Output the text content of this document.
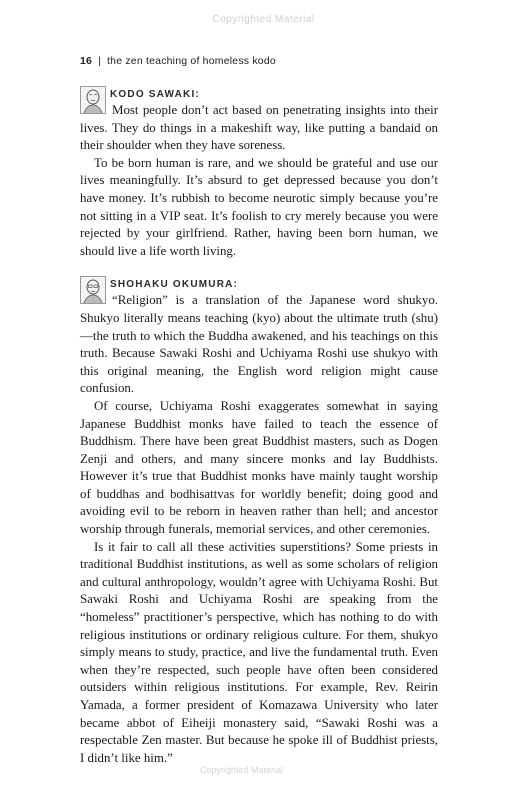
Copyrighted Material
16 | the zen teaching of homeless kodo
KODO SAWAKI:

Most people don’t act based on penetrating insights into their lives. They do things in a makeshift way, like putting a bandaid on their shoulder when they have soreness.

To be born human is rare, and we should be grateful and use our lives meaningfully. It’s absurd to get depressed because you don’t have money. It’s rubbish to become neurotic simply because you’re not sitting in a VIP seat. It’s foolish to cry merely because you were rejected by your girlfriend. Rather, having been born human, we should live a life worth living.

SHOHAKU OKUMURA:

“Religion” is a translation of the Japanese word shukyo. Shukyo literally means teaching (kyo) about the ultimate truth (shu)—the truth to which the Buddha awakened, and his teachings on this truth. Because Sawaki Roshi and Uchiyama Roshi use shukyo with this original meaning, the English word religion might cause confusion.

Of course, Uchiyama Roshi exaggerates somewhat in saying Japanese Buddhist monks have failed to teach the essence of Buddhism. There have been great Buddhist masters, such as Dogen Zenji and others, and many sincere monks and lay Buddhists. However it’s true that Buddhist monks have mainly taught worship of buddhas and bodhisattvas for worldly benefit; doing good and avoiding evil to be reborn in heaven rather than hell; and ancestor worship through funerals, memorial services, and other ceremonies.

Is it fair to call all these activities superstitions? Some priests in traditional Buddhist institutions, as well as some scholars of religion and cultural anthropology, wouldn’t agree with Uchiyama Roshi. But Sawaki Roshi and Uchiyama Roshi are speaking from the “homeless” practitioner’s perspective, which has nothing to do with religious institutions or ordinary religious culture. For them, shukyo simply means to study, practice, and live the fundamental truth. Even when they’re respected, such people have often been considered outsiders within religious institutions. For example, Rev. Reirin Yamada, a former president of Komazawa University who later became abbot of Eiheiji monastery said, “Sawaki Roshi was a respectable Zen master. But because he spoke ill of Buddhist priests, I didn’t like him.”

Copyrighted Material
